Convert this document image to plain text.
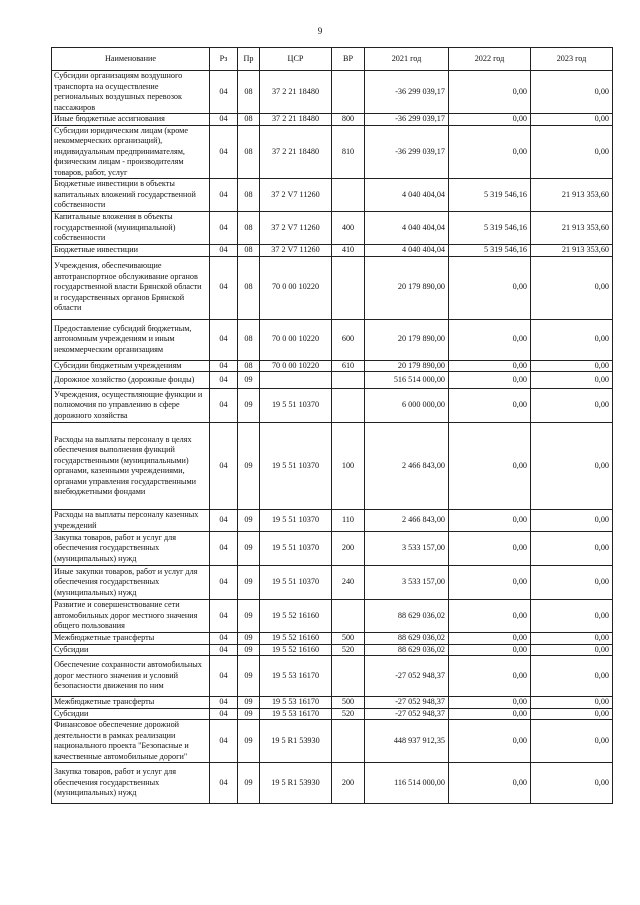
9
Наименование	Рз	Пр	ЦСР	ВР	2021 год	2022 год	2023 год
Субсидии организациям воздушного транспорта на осуществление региональных воздушных перевозок пассажиров	04	08	37 2 21 18480		-36 299 039,17	0,00	0,00
Иные бюджетные ассигнования	04	08	37 2 21 18480	800	-36 299 039,17	0,00	0,00
Субсидии юридическим лицам (кроме некоммерческих организаций), индивидуальным предпринимателям, физическим лицам - производителям товаров, работ, услуг	04	08	37 2 21 18480	810	-36 299 039,17	0,00	0,00
Бюджетные инвестиции в объекты капитальных вложений государственной собственности	04	08	37 2 V7 11260		4 040 404,04	5 319 546,16	21 913 353,60
Капитальные вложения в объекты государственной (муниципальной) собственности	04	08	37 2 V7 11260	400	4 040 404,04	5 319 546,16	21 913 353,60
Бюджетные инвестиции	04	08	37 2 V7 11260	410	4 040 404,04	5 319 546,16	21 913 353,60
Учреждения, обеспечивающие автотранспортное обслуживание органов государственной власти Брянской области и государственных органов Брянской области	04	08	70 0 00 10220		20 179 890,00	0,00	0,00
Предоставление субсидий бюджетным, автономным учреждениям и иным некоммерческим организациям	04	08	70 0 00 10220	600	20 179 890,00	0,00	0,00
Субсидии бюджетным учреждениям	04	08	70 0 00 10220	610	20 179 890,00	0,00	0,00
Дорожное хозяйство (дорожные фонды)	04	09			516 514 000,00	0,00	0,00
Учреждения, осуществляющие функции и полномочия по управлению в сфере дорожного хозяйства	04	09	19 5 51 10370		6 000 000,00	0,00	0,00
Расходы на выплаты персоналу в целях обеспечения выполнения функций государственными (муниципальными) органами, казенными учреждениями, органами управления государственными внебюджетными фондами	04	09	19 5 51 10370	100	2 466 843,00	0,00	0,00
Расходы на выплаты персоналу казенных учреждений	04	09	19 5 51 10370	110	2 466 843,00	0,00	0,00
Закупка товаров, работ и услуг для обеспечения государственных (муниципальных) нужд	04	09	19 5 51 10370	200	3 533 157,00	0,00	0,00
Иные закупки товаров, работ и услуг для обеспечения государственных (муниципальных) нужд	04	09	19 5 51 10370	240	3 533 157,00	0,00	0,00
Развитие и совершенствование сети автомобильных дорог местного значения общего пользования	04	09	19 5 52 16160		88 629 036,02	0,00	0,00
Межбюджетные трансферты	04	09	19 5 52 16160	500	88 629 036,02	0,00	0,00
Субсидии	04	09	19 5 52 16160	520	88 629 036,02	0,00	0,00
Обеспечение сохранности автомобильных дорог местного значения и условий безопасности движения по ним	04	09	19 5 53 16170		-27 052 948,37	0,00	0,00
Межбюджетные трансферты	04	09	19 5 53 16170	500	-27 052 948,37	0,00	0,00
Субсидии	04	09	19 5 53 16170	520	-27 052 948,37	0,00	0,00
Финансовое обеспечение дорожной деятельности в рамках реализации национального проекта "Безопасные и качественные автомобильные дороги"	04	09	19 5 R1 53930		448 937 912,35	0,00	0,00
Закупка товаров, работ и услуг для обеспечения государственных (муниципальных) нужд	04	09	19 5 R1 53930	200	116 514 000,00	0,00	0,00
